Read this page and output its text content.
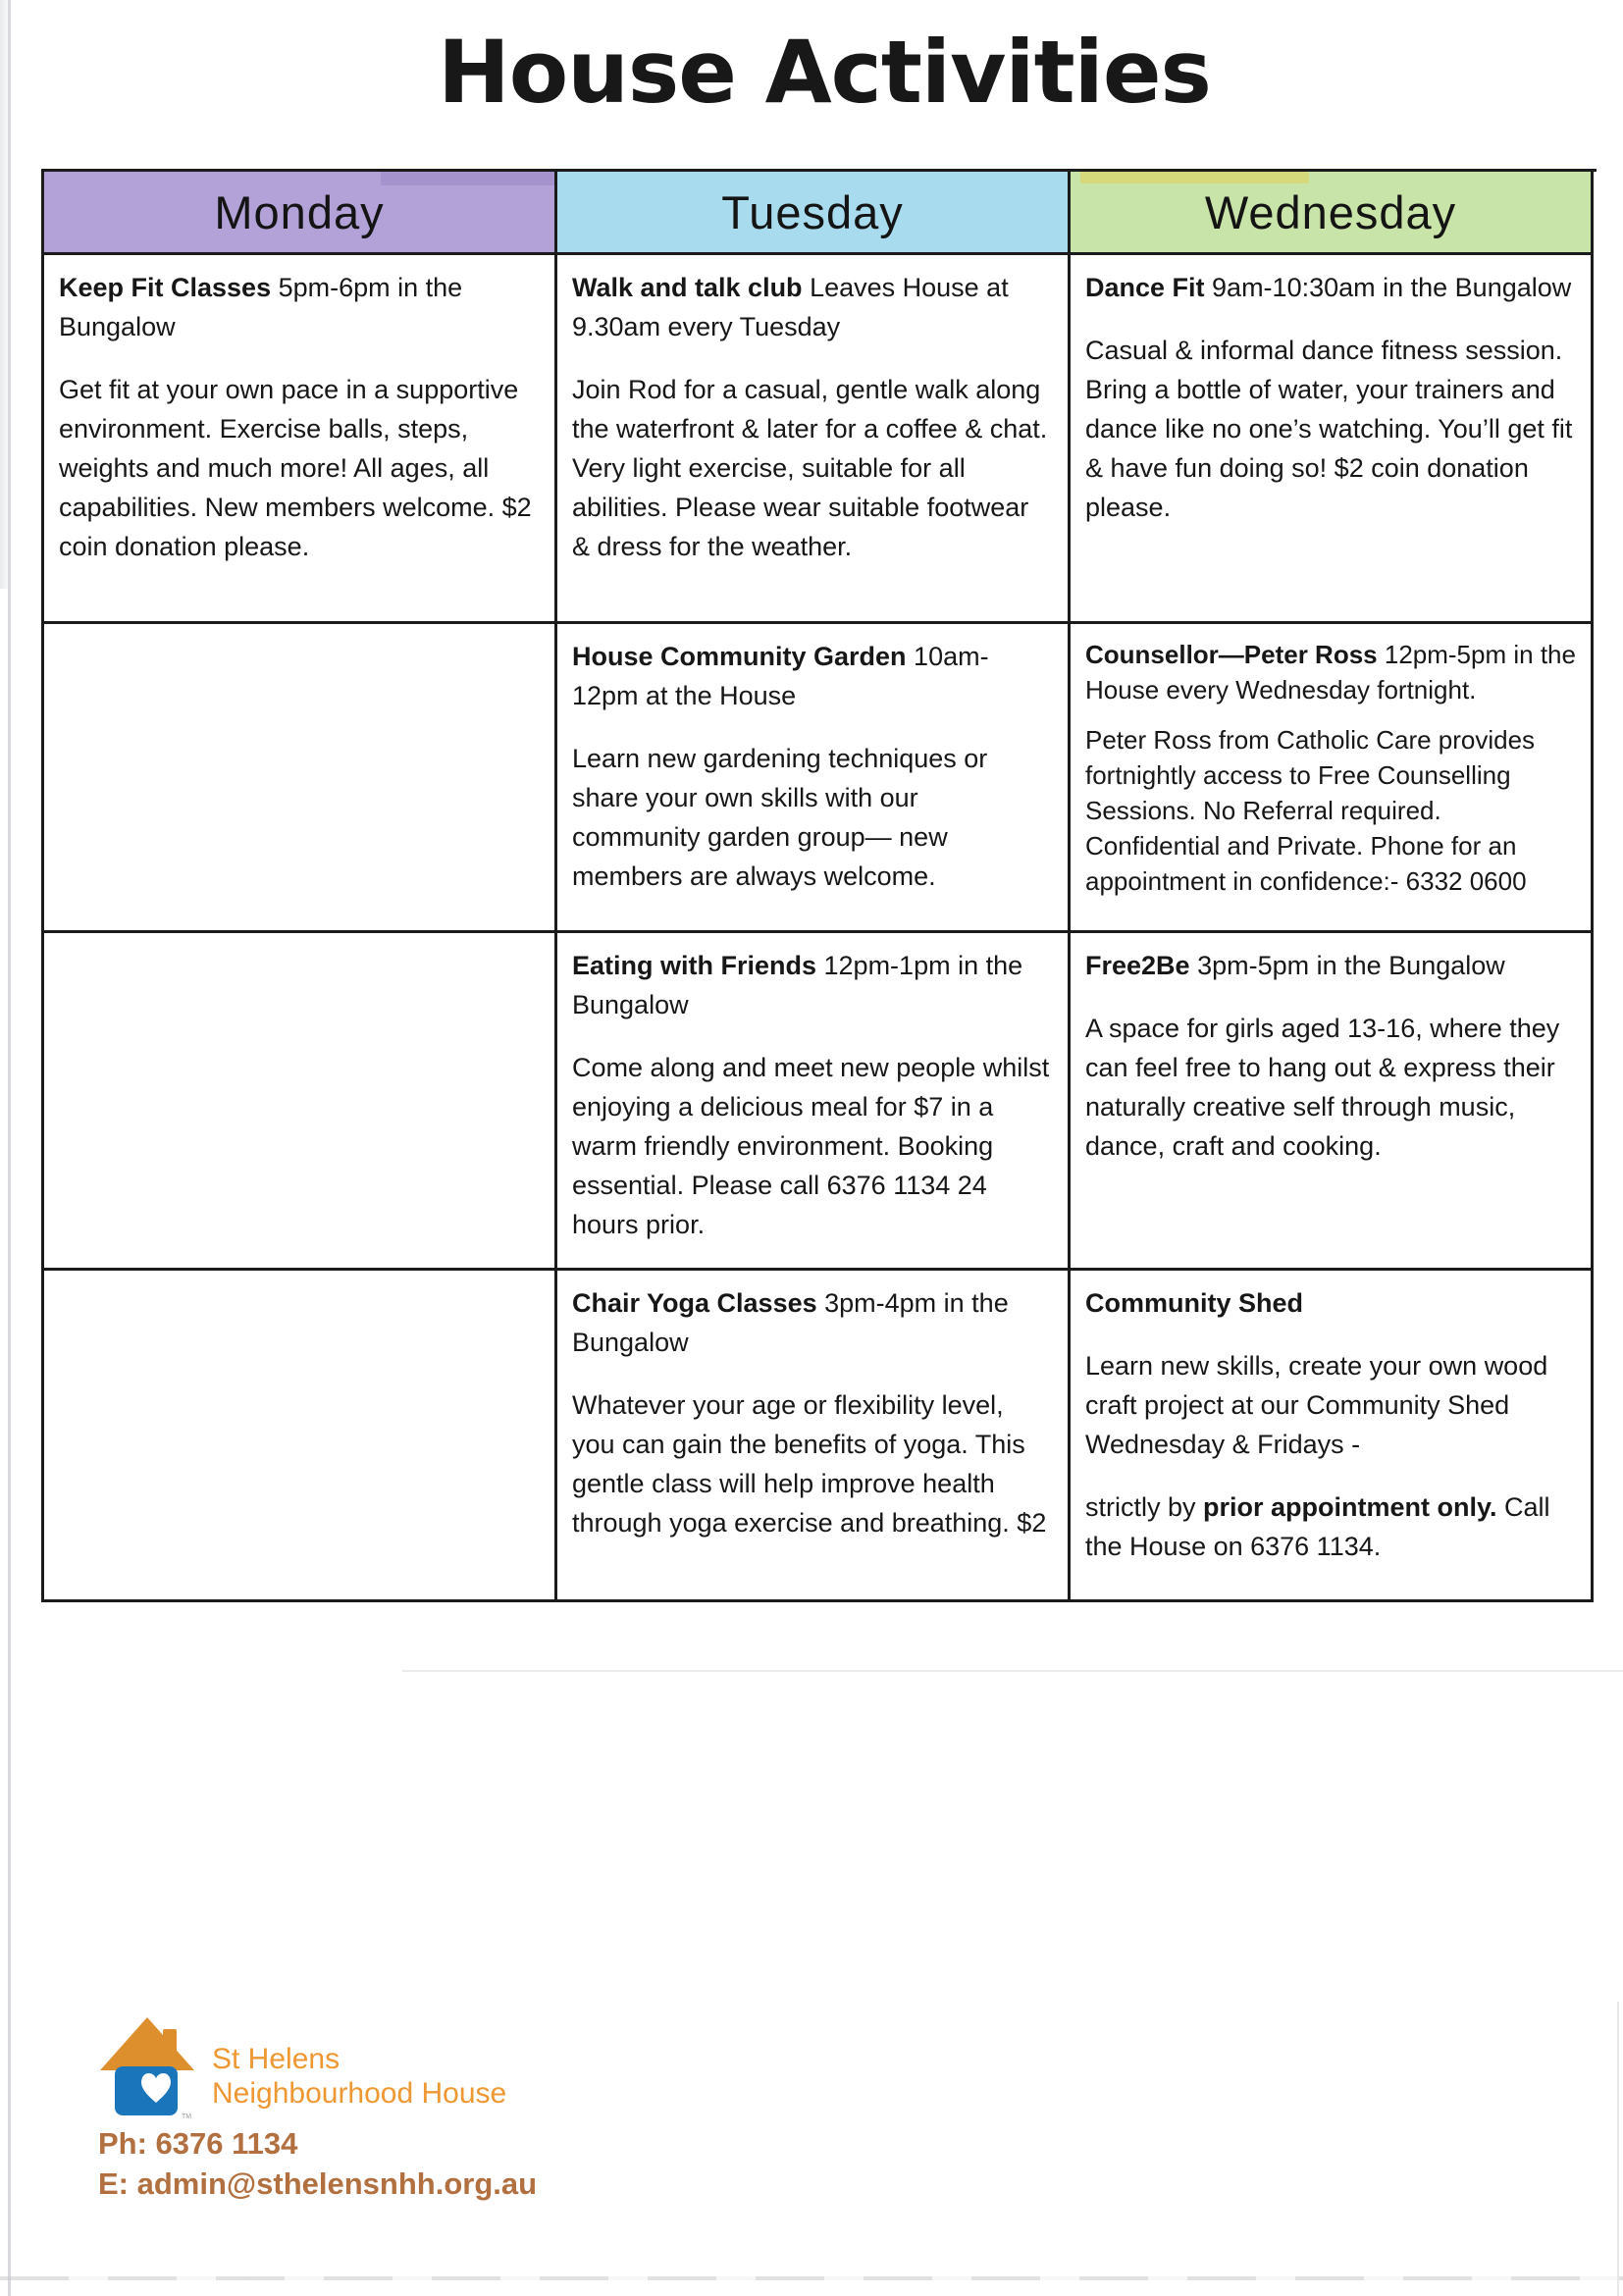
House Activities
Monday	Tuesday	Wednesday

Keep Fit Classes 5pm-6pm in the Bungalow

Get fit at your own pace in a supportive environment. Exercise balls, steps, weights and much more! All ages, all capabilities. New members welcome. $2 coin donation please.

Walk and talk club Leaves House at 9.30am every Tuesday

Join Rod for a casual, gentle walk along the waterfront & later for a coffee & chat. Very light exercise, suitable for all abilities. Please wear suitable footwear & dress for the weather.

Dance Fit 9am-10:30am in the Bungalow

Casual & informal dance fitness session. Bring a bottle of water, your trainers and dance like no one’s watching. You’ll get fit & have fun doing so! $2 coin donation please.

House Community Garden 10am-12pm at the House

Learn new gardening techniques or share your own skills with our community garden group— new members are always welcome.

Counsellor—Peter Ross 12pm-5pm in the House every Wednesday fortnight.

Peter Ross from Catholic Care provides fortnightly access to Free Counselling Sessions. No Referral required. Confidential and Private. Phone for an appointment in confidence:- 6332 0600

Eating with Friends 12pm-1pm in the Bungalow

Come along and meet new people whilst enjoying a delicious meal for $7 in a warm friendly environment. Booking essential. Please call 6376 1134 24 hours prior.

Free2Be 3pm-5pm in the Bungalow

A space for girls aged 13-16, where they can feel free to hang out & express their naturally creative self through music, dance, craft and cooking.

Chair Yoga Classes 3pm-4pm in the Bungalow

Whatever your age or flexibility level, you can gain the benefits of yoga. This gentle class will help improve health through yoga exercise and breathing. $2

Community Shed

Learn new skills, create your own wood craft project at our Community Shed Wednesday & Fridays -

strictly by prior appointment only. Call the House on 6376 1134.

TM
St Helens
Neighbourhood House
Ph: 6376 1134
E: admin@sthelensnhh.org.au
